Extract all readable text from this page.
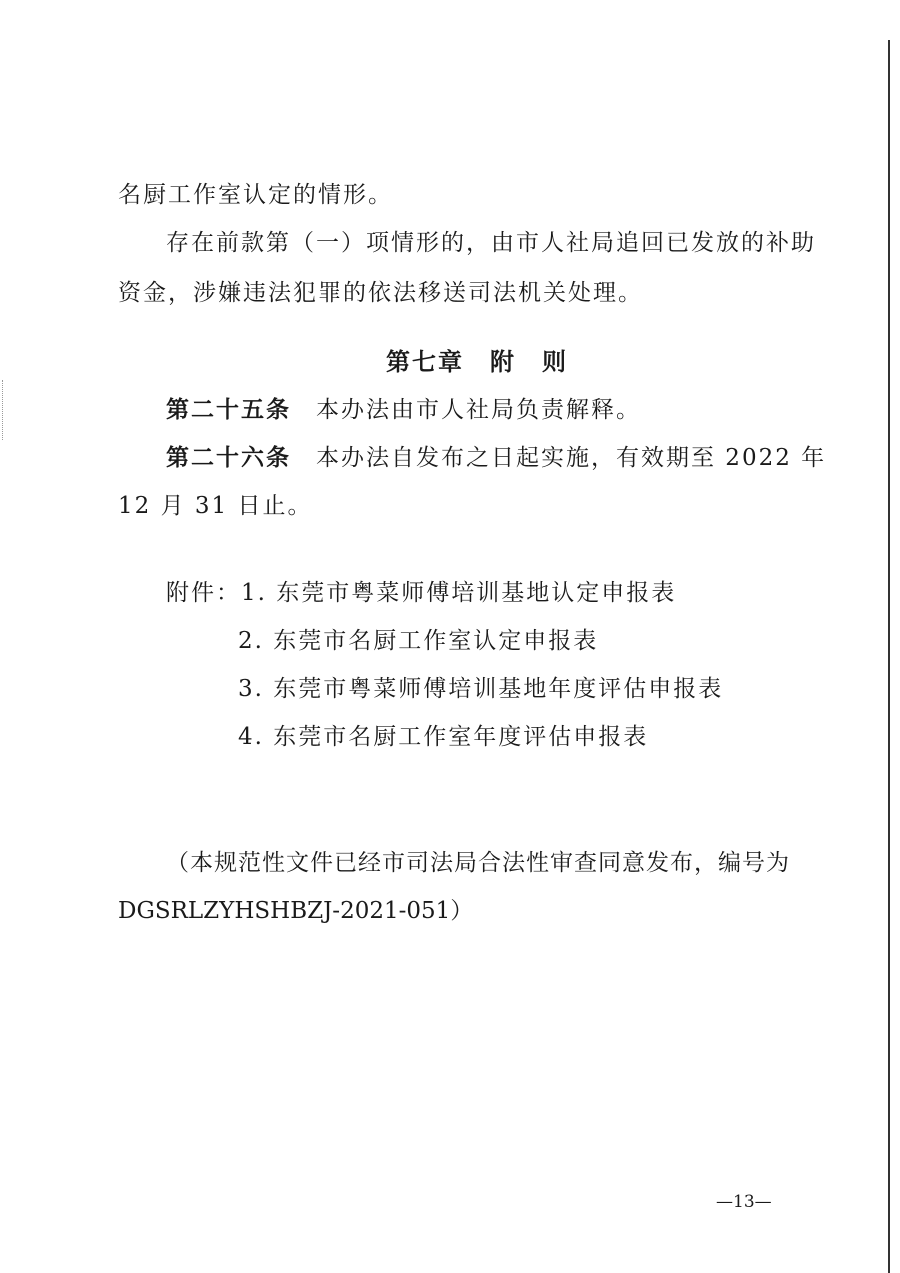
名厨工作室认定的情形。
存在前款第（一）项情形的，由市人社局追回已发放的补助
资金，涉嫌违法犯罪的依法移送司法机关处理。
第七章　 附　则
第二十五条　 本办法由市人社局负责解释。
第二十六条　 本办法自发布之日起实施，有效期至 2022 年
12 月 31 日止。
附件：1. 东莞市粤菜师傅培训基地认定申报表
2. 东莞市名厨工作室认定申报表
3. 东莞市粤菜师傅培训基地年度评估申报表
4. 东莞市名厨工作室年度评估申报表
（本规范性文件已经市司法局合法性审查同意发布，编号为
DGSRLZYHSHBZJ-2021-051）
—13—
